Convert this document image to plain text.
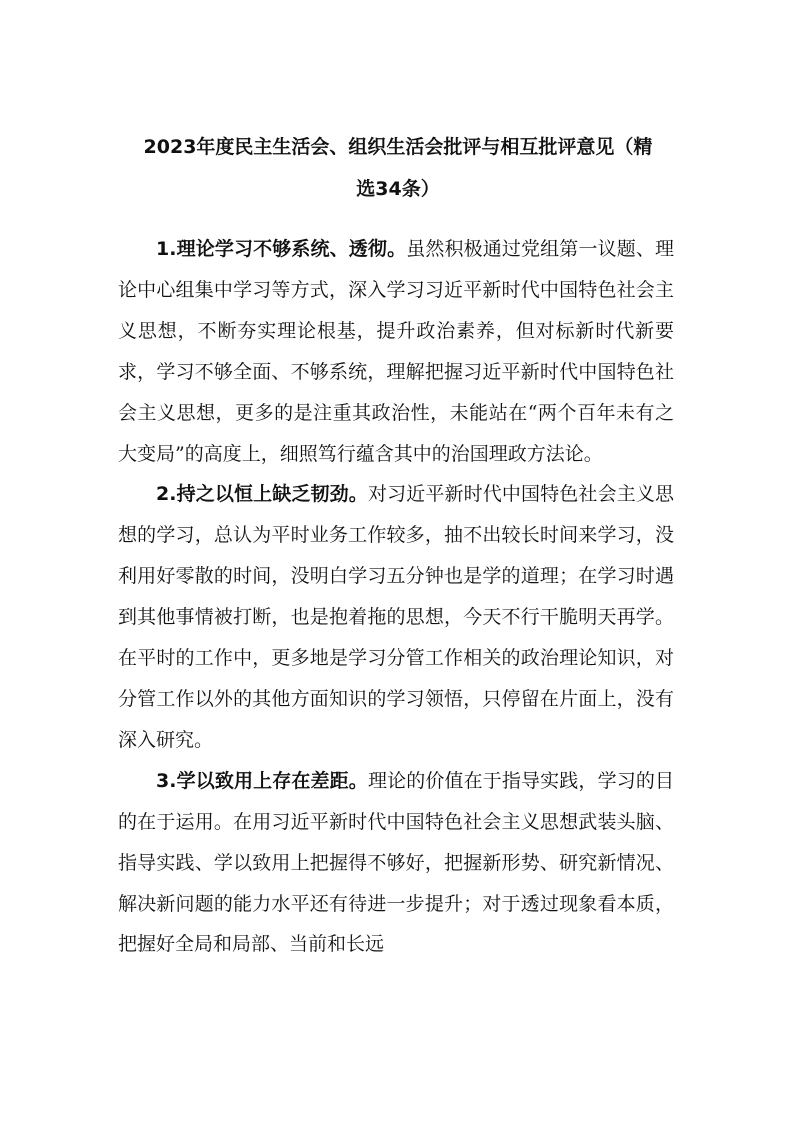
2023年度民主生活会、组织生活会批评与相互批评意见（精
选34条）

1.理论学习不够系统、透彻。虽然积极通过党组第一议题、理论中心组集中学习等方式，深入学习习近平新时代中国特色社会主义思想，不断夯实理论根基，提升政治素养，但对标新时代新要求，学习不够全面、不够系统，理解把握习近平新时代中国特色社会主义思想，更多的是注重其政治性，未能站在“两个百年未有之大变局”的高度上，细照笃行蕴含其中的治国理政方法论。

2.持之以恒上缺乏韧劲。对习近平新时代中国特色社会主义思想的学习，总认为平时业务工作较多，抽不出较长时间来学习，没利用好零散的时间，没明白学习五分钟也是学的道理；在学习时遇到其他事情被打断，也是抱着拖的思想，今天不行干脆明天再学。在平时的工作中，更多地是学习分管工作相关的政治理论知识，对分管工作以外的其他方面知识的学习领悟，只停留在片面上，没有深入研究。

3.学以致用上存在差距。理论的价值在于指导实践，学习的目的在于运用。在用习近平新时代中国特色社会主义思想武装头脑、指导实践、学以致用上把握得不够好，把握新形势、研究新情况、解决新问题的能力水平还有待进一步提升；对于透过现象看本质，把握好全局和局部、当前和长远
